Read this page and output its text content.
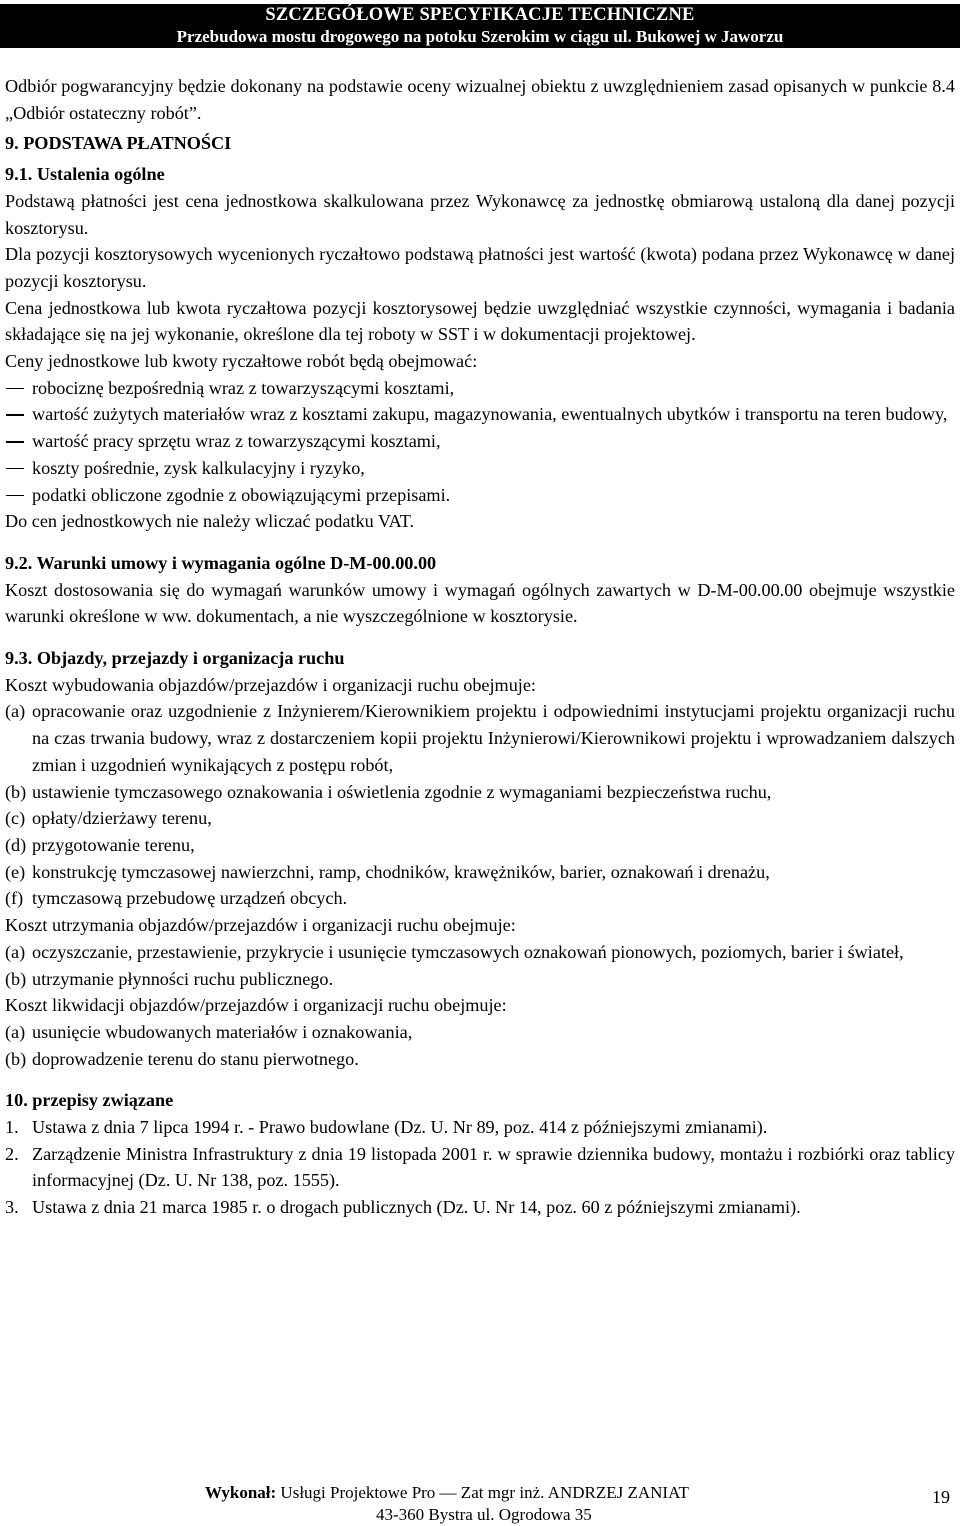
SZCZEGÓŁOWE SPECYFIKACJE TECHNICZNE
Przebudowa mostu drogowego na potoku Szerokim w ciągu ul. Bukowej w Jaworzu

Odbiór pogwarancyjny będzie dokonany na podstawie oceny wizualnej obiektu z uwzględnieniem zasad opisanych w punkcie 8.4 „Odbiór ostateczny robót”.

9. PODSTAWA PŁATNOŚCI

9.1. Ustalenia ogólne

Podstawą płatności jest cena jednostkowa skalkulowana przez Wykonawcę za jednostkę obmiarową ustaloną dla danej pozycji kosztorysu.

Dla pozycji kosztorysowych wycenionych ryczałtowo podstawą płatności jest wartość (kwota) podana przez Wykonawcę w danej pozycji kosztorysu.

Cena jednostkowa lub kwota ryczałtowa pozycji kosztorysowej będzie uwzględniać wszystkie czynności, wymagania i badania składające się na jej wykonanie, określone dla tej roboty w SST i w dokumentacji projektowej.

Ceny jednostkowe lub kwoty ryczałtowe robót będą obejmować:

robociznę bezpośrednią wraz z towarzyszącymi kosztami,
wartość zużytych materiałów wraz z kosztami zakupu, magazynowania, ewentualnych ubytków i transportu na teren budowy,
wartość pracy sprzętu wraz z towarzyszącymi kosztami,
koszty pośrednie, zysk kalkulacyjny i ryzyko,
podatki obliczone zgodnie z obowiązującymi przepisami.

Do cen jednostkowych nie należy wliczać podatku VAT.

9.2. Warunki umowy i wymagania ogólne D-M-00.00.00

Koszt dostosowania się do wymagań warunków umowy i wymagań ogólnych zawartych w D-M-00.00.00 obejmuje wszystkie warunki określone w ww. dokumentach, a nie wyszczególnione w kosztorysie.

9.3. Objazdy, przejazdy i organizacja ruchu

Koszt wybudowania objazdów/przejazdów i organizacji ruchu obejmuje:

(a) opracowanie oraz uzgodnienie z Inżynierem/Kierownikiem projektu i odpowiednimi instytucjami projektu organizacji ruchu na czas trwania budowy, wraz z dostarczeniem kopii projektu Inżynierowi/Kierownikowi projektu i wprowadzaniem dalszych zmian i uzgodnień wynikających z postępu robót,
(b) ustawienie tymczasowego oznakowania i oświetlenia zgodnie z wymaganiami bezpieczeństwa ruchu,
(c) opłaty/dzierżawy terenu,
(d) przygotowanie terenu,
(e) konstrukcję tymczasowej nawierzchni, ramp, chodników, krawężników, barier, oznakowań i drenażu,
(f) tymczasową przebudowę urządzeń obcych.

Koszt utrzymania objazdów/przejazdów i organizacji ruchu obejmuje:

(a) oczyszczanie, przestawienie, przykrycie i usunięcie tymczasowych oznakowań pionowych, poziomych, barier i świateł,
(b) utrzymanie płynności ruchu publicznego.

Koszt likwidacji objazdów/przejazdów i organizacji ruchu obejmuje:

(a) usunięcie wbudowanych materiałów i oznakowania,
(b) doprowadzenie terenu do stanu pierwotnego.

10. przepisy związane

1. Ustawa z dnia 7 lipca 1994 r. - Prawo budowlane (Dz. U. Nr 89, poz. 414 z późniejszymi zmianami).
2. Zarządzenie Ministra Infrastruktury z dnia 19 listopada 2001 r. w sprawie dziennika budowy, montażu i rozbiórki oraz tablicy informacyjnej (Dz. U. Nr 138, poz. 1555).
3. Ustawa z dnia 21 marca 1985 r. o drogach publicznych (Dz. U. Nr 14, poz. 60 z późniejszymi zmianami).
Wykonał: Usługi Projektowe Pro — Zat mgr inż. ANDRZEJ ZANIAT
43-360 Bystra ul. Ogrodowa 35
19
